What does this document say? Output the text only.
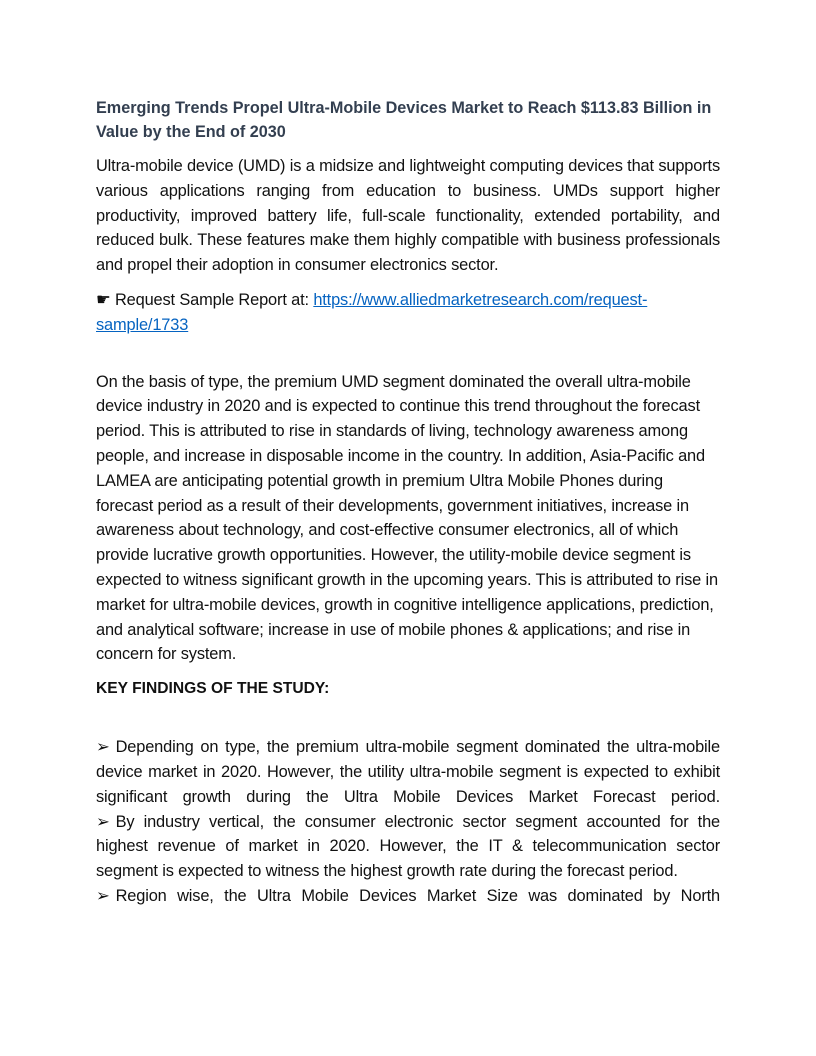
Emerging Trends Propel Ultra-Mobile Devices Market to Reach $113.83 Billion in Value by the End of 2030

Ultra-mobile device (UMD) is a midsize and lightweight computing devices that supports various applications ranging from education to business. UMDs support higher productivity, improved battery life, full-scale functionality, extended portability, and reduced bulk. These features make them highly compatible with business professionals and propel their adoption in consumer electronics sector.

☛ Request Sample Report at: https://www.alliedmarketresearch.com/request-sample/1733

On the basis of type, the premium UMD segment dominated the overall ultra-mobile device industry in 2020 and is expected to continue this trend throughout the forecast period. This is attributed to rise in standards of living, technology awareness among people, and increase in disposable income in the country. In addition, Asia-Pacific and LAMEA are anticipating potential growth in premium Ultra Mobile Phones during forecast period as a result of their developments, government initiatives, increase in awareness about technology, and cost-effective consumer electronics, all of which provide lucrative growth opportunities. However, the utility-mobile device segment is expected to witness significant growth in the upcoming years. This is attributed to rise in market for ultra-mobile devices, growth in cognitive intelligence applications, prediction, and analytical software; increase in use of mobile phones & applications; and rise in concern for system.

KEY FINDINGS OF THE STUDY:
➢ Depending on type, the premium ultra-mobile segment dominated the ultra-mobile device market in 2020. However, the utility ultra-mobile segment is expected to exhibit significant growth during the Ultra Mobile Devices Market Forecast period.
➢ By industry vertical, the consumer electronic sector segment accounted for the highest revenue of market in 2020. However, the IT & telecommunication sector segment is expected to witness the highest growth rate during the forecast period.
➢ Region wise, the Ultra Mobile Devices Market Size was dominated by North
